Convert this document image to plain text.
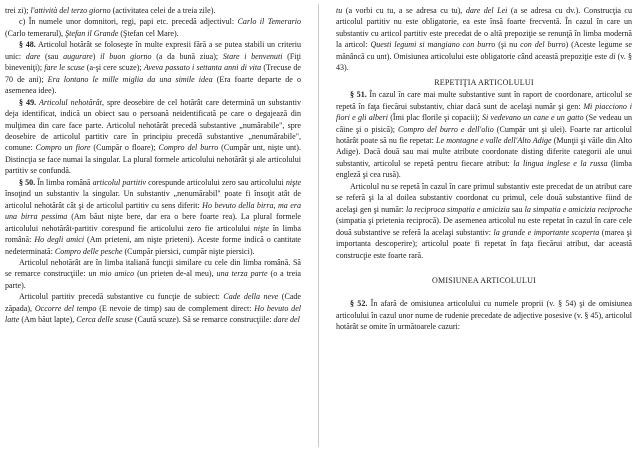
trei zi); l'attività del terzo giorno (activitatea celei de a treia zile).

c) În numele unor domnitori, regi, papi etc. precedă adjectivul: Carlo il Temerario (Carlo temerarul), Ştefan il Grande (Ştefan cel Mare).

§ 48. Articolul hotărât se foloseşte în multe expresii fără a se putea stabili un criteriu unic: dare (sau augurare) il buon giorno (a da bună ziua); Stare i benvenuti (Fiţi bineveniţi); fare le scuse (a-şi cere scuze); Aveva passato i settanta anni di vita (Trecuse de 70 de ani); Era lontano le mille miglia da una simile idea (Era foarte departe de o asemenea idee).

§ 49. Articolul nehotărât, spre deosebire de cel hotărât care determină un substantiv deja identificat, indică un obiect sau o persoană neidentificată pe care o degajează din mulţimea din care face parte. Articolul nehotărât precedă substantive „numărabile", spre deosebire de articolul partitiv care în principiu precedă substantive „nenumărabile", comune: Compro un fiore (Cumpăr o floare); Compro del burro (Cumpăr unt, nişte unt). Distincţia se face numai la singular. La plural formele articolului nehotărât şi ale articolului partitiv se confundă.

§ 50. În limba română articolul partitiv corespunde articolului zero sau articolului nişte însoţind un substantiv la singular. Un substantiv „nenumărabil" poate fi însoţit atât de articolul nehotărât cât şi de articolul partitiv cu sens diferit: Ho bevuto della birra, ma era una birra pessima (Am băut nişte bere, dar era o bere foarte rea). La plural formele articolului nehotărât-partitiv corespund fie articolului zero fie articolului nişte în limba română: Ho degli amici (Am prieteni, am nişte prieteni). Aceste forme indică o cantitate nedeterminată: Compro delle pesche (Cumpăr piersici, cumpăr nişte piersici).

Articolul nehotărât are în limba italiană funcţii similare cu cele din limba română. Să se remarce construcţiile: un mio amico (un prieten de-al meu), una terza parte (o a treia parte).

Articolul partitiv precedă substantive cu funcţie de subiect: Cade della neve (Cade zăpada), Occorre del tempo (E nevoie de timp) sau de complement direct: Ho bevuto del latte (Am băut lapte), Cerca delle scuse (Caută scuze). Să se remarce construcţiile: dare del

tu (a vorbi cu tu, a se adresa cu tu), dare del Lei (a se adresa cu dv.). Construcţia cu articolul partitiv nu este obligatorie, ea este însă foarte frecventă. În cazul în care un substantiv cu articol partitiv este precedat de o altă prepoziţie se renunţă în limba modernă la articol: Questi legumi si mangiano con burro (şi nu con del burro) (Aceste legume se mănâncă cu unt). Omisiunea articolului este obligatorie când această prepoziţie este di (v. § 43).

REPETIŢIA ARTICOLULUI

§ 51. În cazul în care mai multe substantive sunt în raport de coordonare, articolul se repetă în faţa fiecărui substantiv, chiar dacă sunt de acelaşi număr şi gen: Mi piacciono i fiori e gli alberi (Îmi plac florile şi copacii); Si vedevano un cane e un gatto (Se vedeau un câine şi o pisică); Compro del burro e dell'olio (Cumpăr unt şi ulei). Foarte rar articolul hotărât poate să nu fie repetat: Le montagne e valle dell'Alto Adige (Munţii şi văile din Alto Adige). Dacă două sau mai multe atribute coordonate disting diferite categorii ale unui substantiv, articolul se repetă pentru fiecare atribut: la lingua inglese e la russa (limba engleză şi cea rusă).

Articolul nu se repetă în cazul în care primul substantiv este precedat de un atribut care se referă şi la al doilea substantiv coordonat cu primul, cele două substantive fiind de acelaşi gen şi număr: la reciproca simpatia e amicizia sau la simpatia e amicizia reciproche (simpatia şi prietenia reciprocă). De asemenea articolul nu este repetat în cazul în care cele două substantive se referă la acelaşi substantiv: la grande e importante scoperta (marea şi importanta descoperire); articolul poate fi repetat în faţa fiecărui atribut, dar această construcţie este foarte rară.

OMISIUNEA ARTICOLULUI

§ 52. În afară de omisiunea articolului cu numele proprii (v. § 54) şi de omisiunea articolului în cazul unor nume de rudenie precedate de adjective posesive (v. § 45), articolul hotărât se omite în următoarele cazuri:
